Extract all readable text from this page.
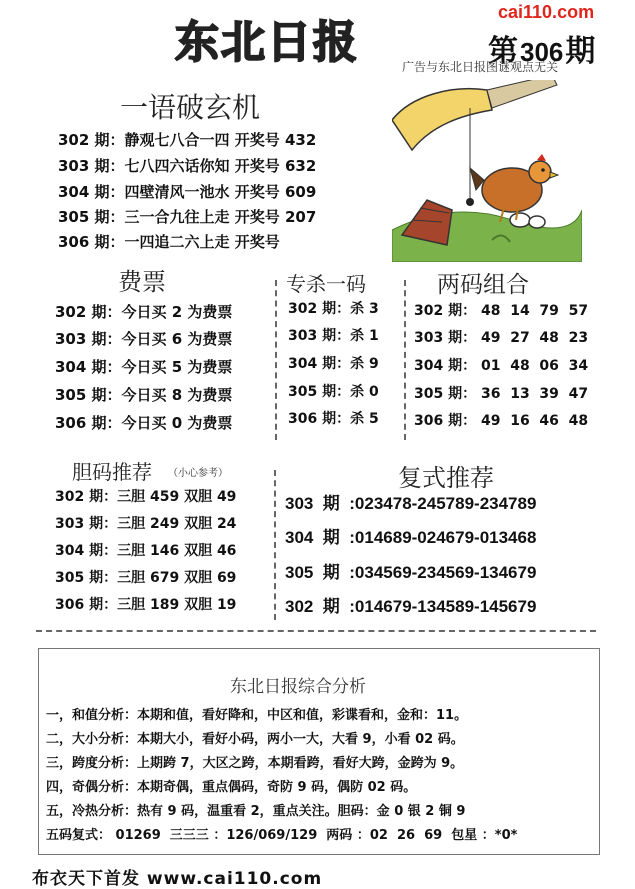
东北日报
cai110.com
第306期
广告与东北日报图谜观点无关
一语破玄机
302 期：静观七八合一四 开奖号 432
303 期：七八四六话你知 开奖号 632
304 期：四壁清风一池水 开奖号 609
305 期：三一合九往上走 开奖号 207
306 期：一四追二六上走 开奖号
费票
302 期：今日买 2 为费票
303 期：今日买 6 为费票
304 期：今日买 5 为费票
305 期：今日买 8 为费票
306 期：今日买 0 为费票
专杀一码
302 期：杀 3
303 期：杀 1
304 期：杀 9
305 期：杀 0
306 期：杀 5
两码组合
302 期： 48  14  79  57
303 期： 49  27  48  23
304 期： 01  48  06  34
305 期： 36  13  39  47
306 期： 49  16  46  48
胆码推荐 （小心参考）
302 期：三胆 459 双胆 49
303 期：三胆 249 双胆 24
304 期：三胆 146 双胆 46
305 期：三胆 679 双胆 69
306 期：三胆 189 双胆 19
复式推荐
303  期  :023478-245789-234789
304  期  :014689-024679-013468
305  期  :034569-234569-134679
302  期  :014679-134589-145679
东北日报综合分析
一，和值分析：本期和值，看好降和，中区和值，彩谍看和，金和：11。
二，大小分析：本期大小，看好小码，两小一大，大看 9，小看 02 码。
三，跨度分析：上期跨 7，大区之跨，本期看跨，看好大跨，金跨为 9。
四，奇偶分析：本期奇偶，重点偶码，奇防 9 码，偶防 02 码。
五，冷热分析：热有 9 码，温重看 2，重点关注。胆码：金 0 银 2 铜 9
五码复式： 01269  三三三 ：126/069/129  两码 ：02  26  69  包星 ：*0*
布衣天下首发 www.cai110.com
